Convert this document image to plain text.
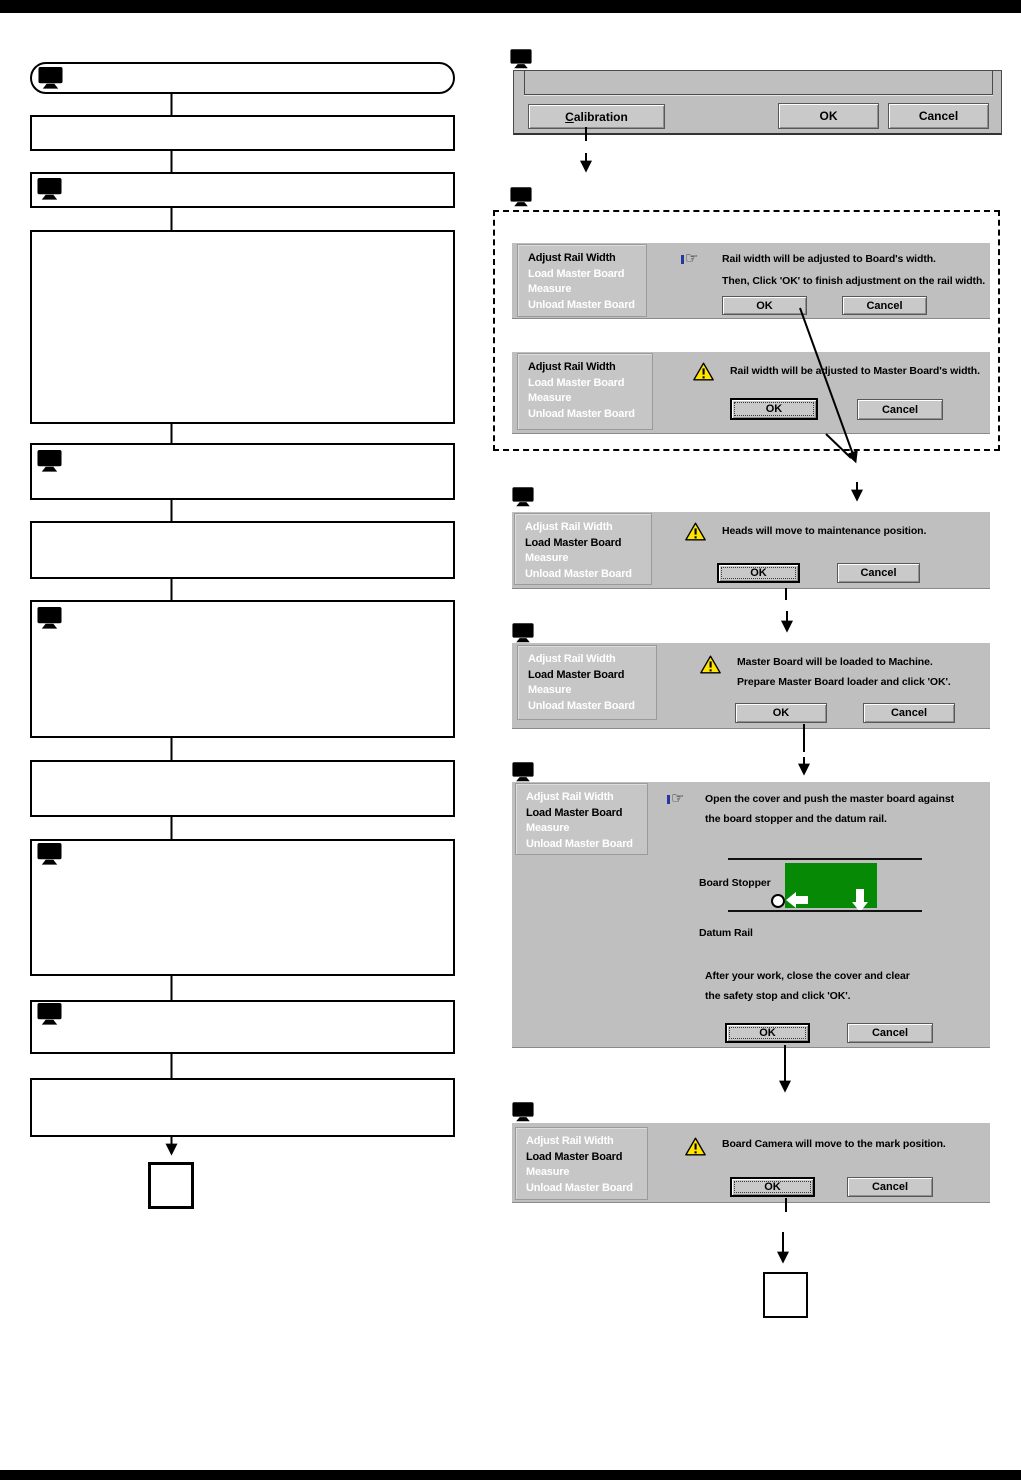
Calibration	OK	Cancel
Adjust Rail Width
Load Master Board
Measure
Unload Master Board
☞ Rail width will be adjusted to Board's width.
Then, Click 'OK' to finish adjustment on the rail width.
OK	Cancel
Adjust Rail Width
Load Master Board
Measure
Unload Master Board
Rail width will be adjusted to Master Board's width.
OK	Cancel
Adjust Rail Width
Load Master Board
Measure
Unload Master Board
Heads will move to maintenance position.
OK	Cancel
Adjust Rail Width
Load Master Board
Measure
Unload Master Board
Master Board will be loaded to Machine.
Prepare Master Board loader and click 'OK'.
OK	Cancel
Adjust Rail Width
Load Master Board
Measure
Unload Master Board
☞ Open the cover and push the master board against
the board stopper and the datum rail.
Board Stopper
Datum Rail
After your work, close the cover and clear
the safety stop and click 'OK'.
OK	Cancel
Adjust Rail Width
Load Master Board
Measure
Unload Master Board
Board Camera will move to the mark position.
OK	Cancel
